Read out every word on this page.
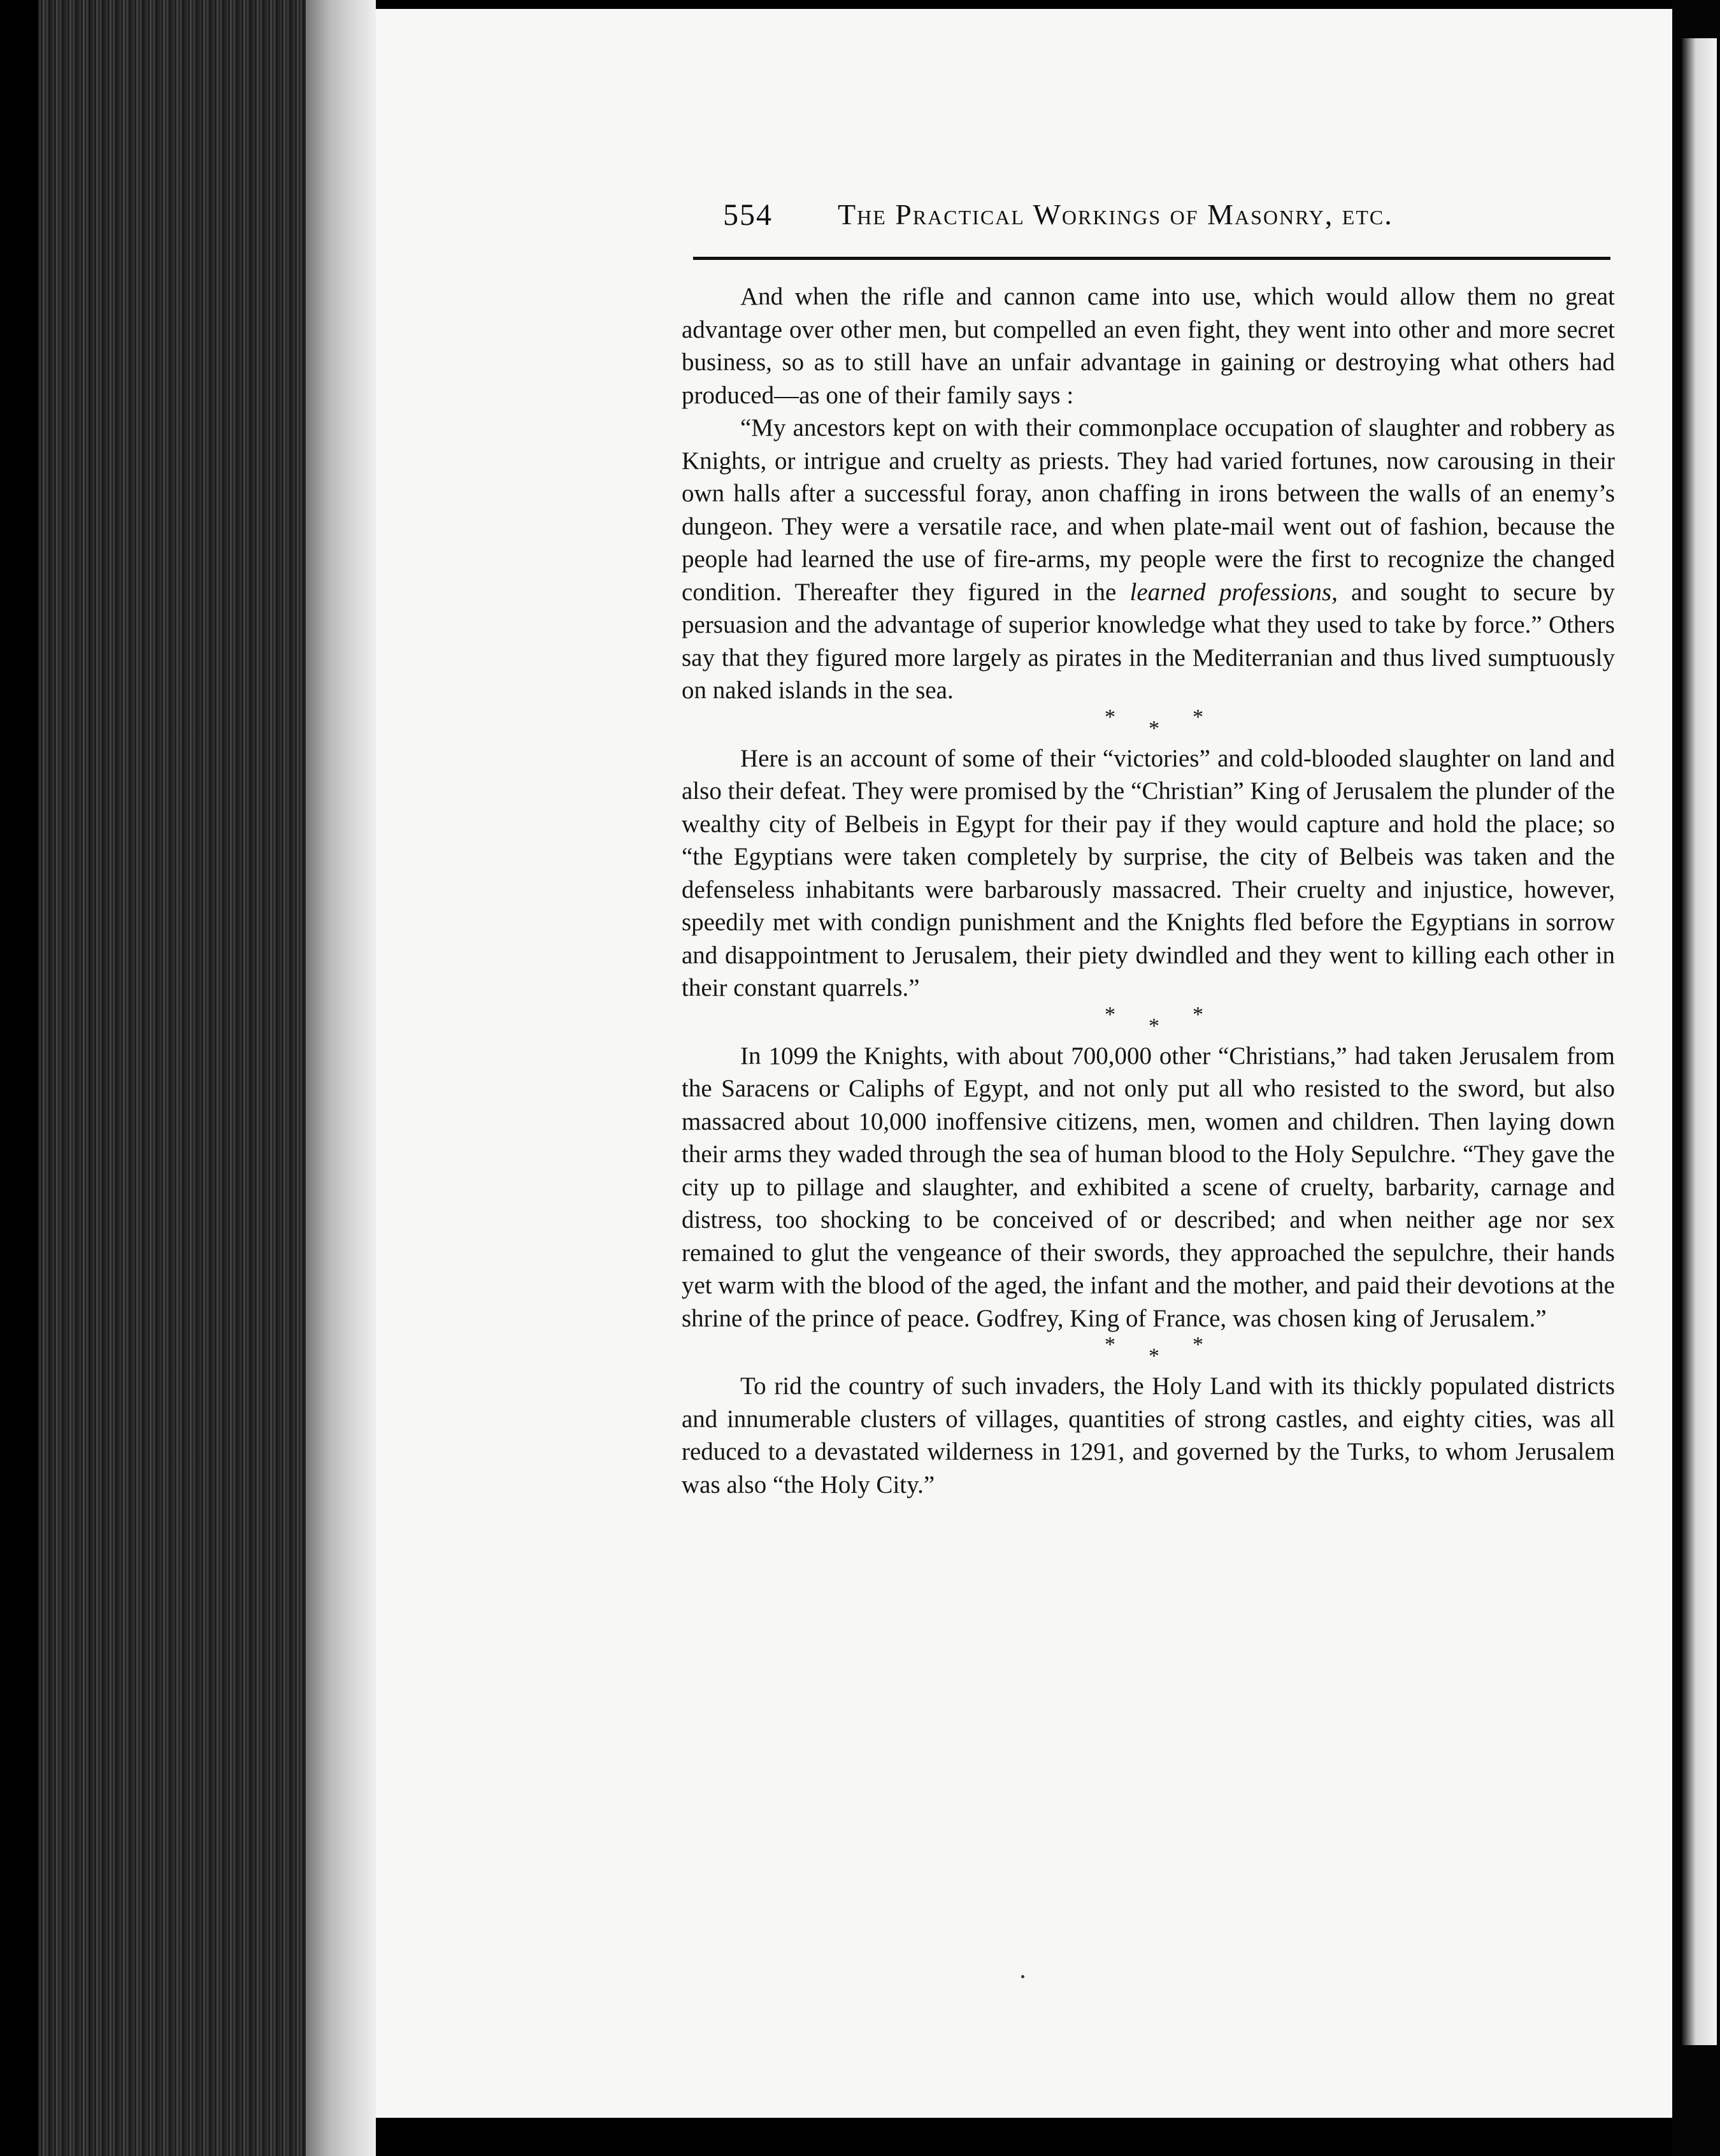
554 The Practical Workings of Masonry, etc.

And when the rifle and cannon came into use, which would allow them no great advantage over other men, but compelled an even fight, they went into other and more secret business, so as to still have an unfair advantage in gaining or destroying what others had produced—as one of their family says :

“My ancestors kept on with their commonplace occupation of slaughter and robbery as Knights, or intrigue and cruelty as priests. They had varied fortunes, now carousing in their own halls after a successful foray, anon chaffing in irons between the walls of an enemy’s dungeon. They were a versatile race, and when plate-mail went out of fashion, because the people had learned the use of fire-arms, my people were the first to recognize the changed condition. Thereafter they figured in the learned professions, and sought to secure by persuasion and the advantage of superior knowledge what they used to take by force.” Others say that they figured more largely as pirates in the Mediterranian and thus lived sumptuously on naked islands in the sea.

***

Here is an account of some of their “victories” and cold-blooded slaughter on land and also their defeat. They were promised by the “Christian” King of Jerusalem the plunder of the wealthy city of Belbeis in Egypt for their pay if they would capture and hold the place; so “the Egyptians were taken completely by surprise, the city of Belbeis was taken and the defenseless inhabitants were barbarously massacred. Their cruelty and injustice, however, speedily met with condign punishment and the Knights fled before the Egyptians in sorrow and disappointment to Jerusalem, their piety dwindled and they went to killing each other in their constant quarrels.”

***

In 1099 the Knights, with about 700,000 other “Christians,” had taken Jerusalem from the Saracens or Caliphs of Egypt, and not only put all who resisted to the sword, but also massacred about 10,000 inoffensive citizens, men, women and children. Then laying down their arms they waded through the sea of human blood to the Holy Sepulchre. “They gave the city up to pillage and slaughter, and exhibited a scene of cruelty, barbarity, carnage and distress, too shocking to be conceived of or described; and when neither age nor sex remained to glut the vengeance of their swords, they approached the sepulchre, their hands yet warm with the blood of the aged, the infant and the mother, and paid their devotions at the shrine of the prince of peace. Godfrey, King of France, was chosen king of Jerusalem.”

***

To rid the country of such invaders, the Holy Land with its thickly populated districts and innumerable clusters of villages, quantities of strong castles, and eighty cities, was all reduced to a devastated wilderness in 1291, and governed by the Turks, to whom Jerusalem was also “the Holy City.”
